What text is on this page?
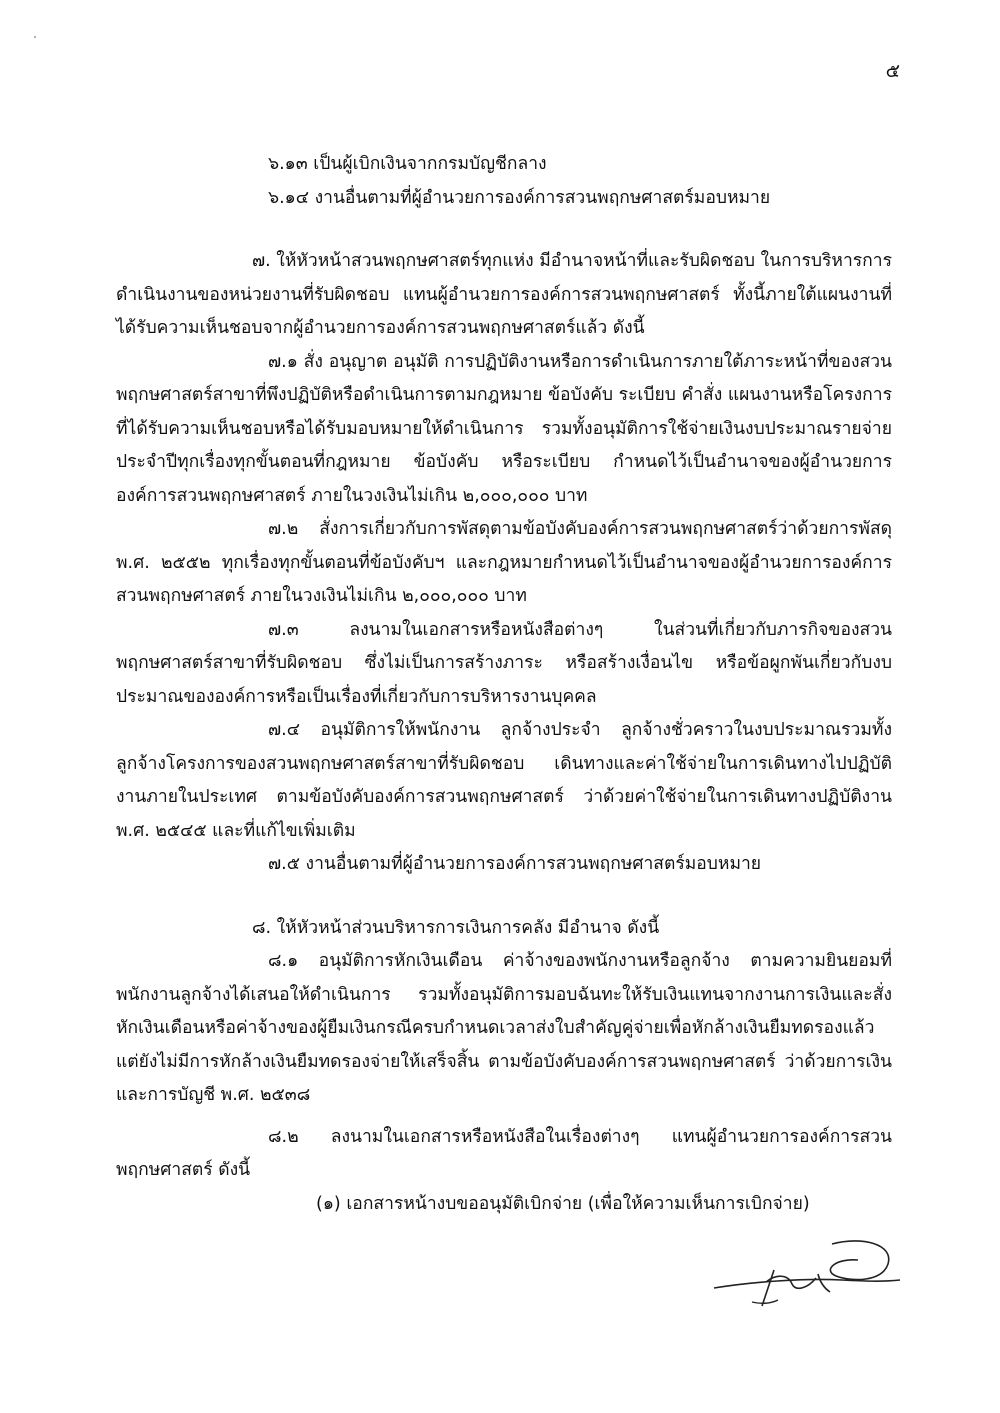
๕

๖.๑๓ เป็นผู้เบิกเงินจากกรมบัญชีกลาง

๖.๑๔ งานอื่นตามที่ผู้อำนวยการองค์การสวนพฤกษศาสตร์มอบหมาย

๗. ให้หัวหน้าสวนพฤกษศาสตร์ทุกแห่ง มีอำนาจหน้าที่และรับผิดชอบ ในการบริหารการดำเนินงานของหน่วยงานที่รับผิดชอบ แทนผู้อำนวยการองค์การสวนพฤกษศาสตร์ ทั้งนี้ภายใต้แผนงานที่ได้รับความเห็นชอบจากผู้อำนวยการองค์การสวนพฤกษศาสตร์แล้ว ดังนี้

๗.๑ สั่ง อนุญาต อนุมัติ การปฏิบัติงานหรือการดำเนินการภายใต้ภาระหน้าที่ของสวนพฤกษศาสตร์สาขาที่พึงปฏิบัติหรือดำเนินการตามกฎหมาย ข้อบังคับ ระเบียบ คำสั่ง แผนงานหรือโครงการที่ได้รับความเห็นชอบหรือได้รับมอบหมายให้ดำเนินการ รวมทั้งอนุมัติการใช้จ่ายเงินงบประมาณรายจ่ายประจำปีทุกเรื่องทุกขั้นตอนที่กฎหมาย ข้อบังคับ หรือระเบียบ กำหนดไว้เป็นอำนาจของผู้อำนวยการองค์การสวนพฤกษศาสตร์ ภายในวงเงินไม่เกิน ๒,๐๐๐,๐๐๐ บาท

๗.๒ สั่งการเกี่ยวกับการพัสดุตามข้อบังคับองค์การสวนพฤกษศาสตร์ว่าด้วยการพัสดุ พ.ศ. ๒๕๕๒ ทุกเรื่องทุกขั้นตอนที่ข้อบังคับฯ และกฎหมายกำหนดไว้เป็นอำนาจของผู้อำนวยการองค์การสวนพฤกษศาสตร์ ภายในวงเงินไม่เกิน ๒,๐๐๐,๐๐๐ บาท

๗.๓ ลงนามในเอกสารหรือหนังสือต่างๆ ในส่วนที่เกี่ยวกับภารกิจของสวนพฤกษศาสตร์สาขาที่รับผิดชอบ ซึ่งไม่เป็นการสร้างภาระ หรือสร้างเงื่อนไข หรือข้อผูกพันเกี่ยวกับงบประมาณขององค์การหรือเป็นเรื่องที่เกี่ยวกับการบริหารงานบุคคล

๗.๔ อนุมัติการให้พนักงาน ลูกจ้างประจำ ลูกจ้างชั่วคราวในงบประมาณรวมทั้งลูกจ้างโครงการของสวนพฤกษศาสตร์สาขาที่รับผิดชอบ เดินทางและค่าใช้จ่ายในการเดินทางไปปฏิบัติงานภายในประเทศ ตามข้อบังคับองค์การสวนพฤกษศาสตร์ ว่าด้วยค่าใช้จ่ายในการเดินทางปฏิบัติงาน พ.ศ. ๒๕๔๕ และที่แก้ไขเพิ่มเติม

๗.๕ งานอื่นตามที่ผู้อำนวยการองค์การสวนพฤกษศาสตร์มอบหมาย

๘. ให้หัวหน้าส่วนบริหารการเงินการคลัง มีอำนาจ ดังนี้

๘.๑ อนุมัติการหักเงินเดือน ค่าจ้างของพนักงานหรือลูกจ้าง ตามความยินยอมที่พนักงานลูกจ้างได้เสนอให้ดำเนินการ รวมทั้งอนุมัติการมอบฉันทะให้รับเงินแทนจากงานการเงินและสั่งหักเงินเดือนหรือค่าจ้างของผู้ยืมเงินกรณีครบกำหนดเวลาส่งใบสำคัญคู่จ่ายเพื่อหักล้างเงินยืมทดรองแล้วแต่ยังไม่มีการหักล้างเงินยืมทดรองจ่ายให้เสร็จสิ้น ตามข้อบังคับองค์การสวนพฤกษศาสตร์ ว่าด้วยการเงินและการบัญชี พ.ศ. ๒๕๓๘

๘.๒ ลงนามในเอกสารหรือหนังสือในเรื่องต่างๆ แทนผู้อำนวยการองค์การสวนพฤกษศาสตร์ ดังนี้

(๑) เอกสารหน้างบขออนุมัติเบิกจ่าย (เพื่อให้ความเห็นการเบิกจ่าย)
